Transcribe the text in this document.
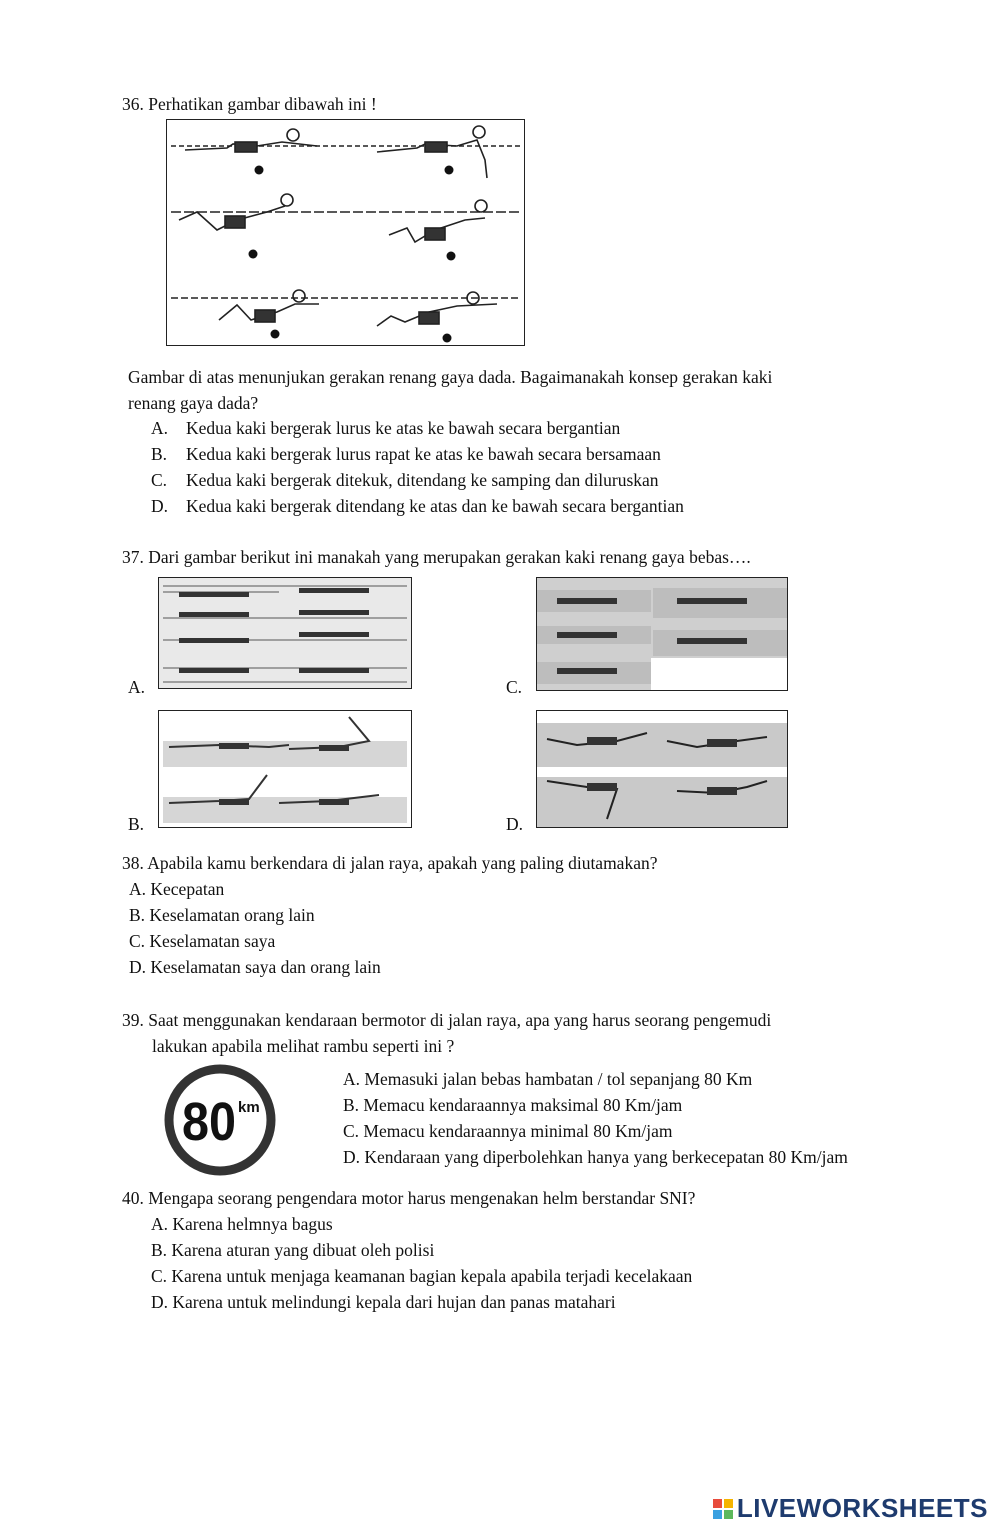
36. Perhatikan gambar dibawah ini !
Gambar di atas menunjukan gerakan renang gaya dada. Bagaimanakah konsep gerakan kaki
renang gaya dada?
A. Kedua kaki bergerak lurus ke atas ke bawah secara bergantian
B. Kedua kaki bergerak lurus rapat ke atas ke bawah secara bersamaan
C. Kedua kaki bergerak ditekuk, ditendang ke samping dan diluruskan
D. Kedua kaki bergerak ditendang ke atas dan ke bawah secara bergantian
37. Dari gambar berikut ini manakah yang merupakan gerakan kaki renang gaya bebas….
A.	C.
B.	D.
38. Apabila kamu berkendara di jalan raya, apakah yang paling diutamakan?
A. Kecepatan
B. Keselamatan orang lain
C. Keselamatan saya
D. Keselamatan saya dan orang lain
39. Saat menggunakan kendaraan bermotor di jalan raya, apa yang harus seorang pengemudi
lakukan apabila melihat rambu seperti ini ?
80 km
A. Memasuki jalan bebas hambatan / tol sepanjang 80 Km
B. Memacu kendaraannya maksimal 80 Km/jam
C. Memacu kendaraannya minimal 80 Km/jam
D. Kendaraan yang diperbolehkan hanya yang berkecepatan 80 Km/jam
40. Mengapa seorang pengendara motor harus mengenakan helm berstandar SNI?
A. Karena helmnya bagus
B. Karena aturan yang dibuat oleh polisi
C. Karena untuk menjaga keamanan bagian kepala apabila terjadi kecelakaan
D. Karena untuk melindungi kepala dari hujan dan panas matahari
LIVEWORKSHEETS
